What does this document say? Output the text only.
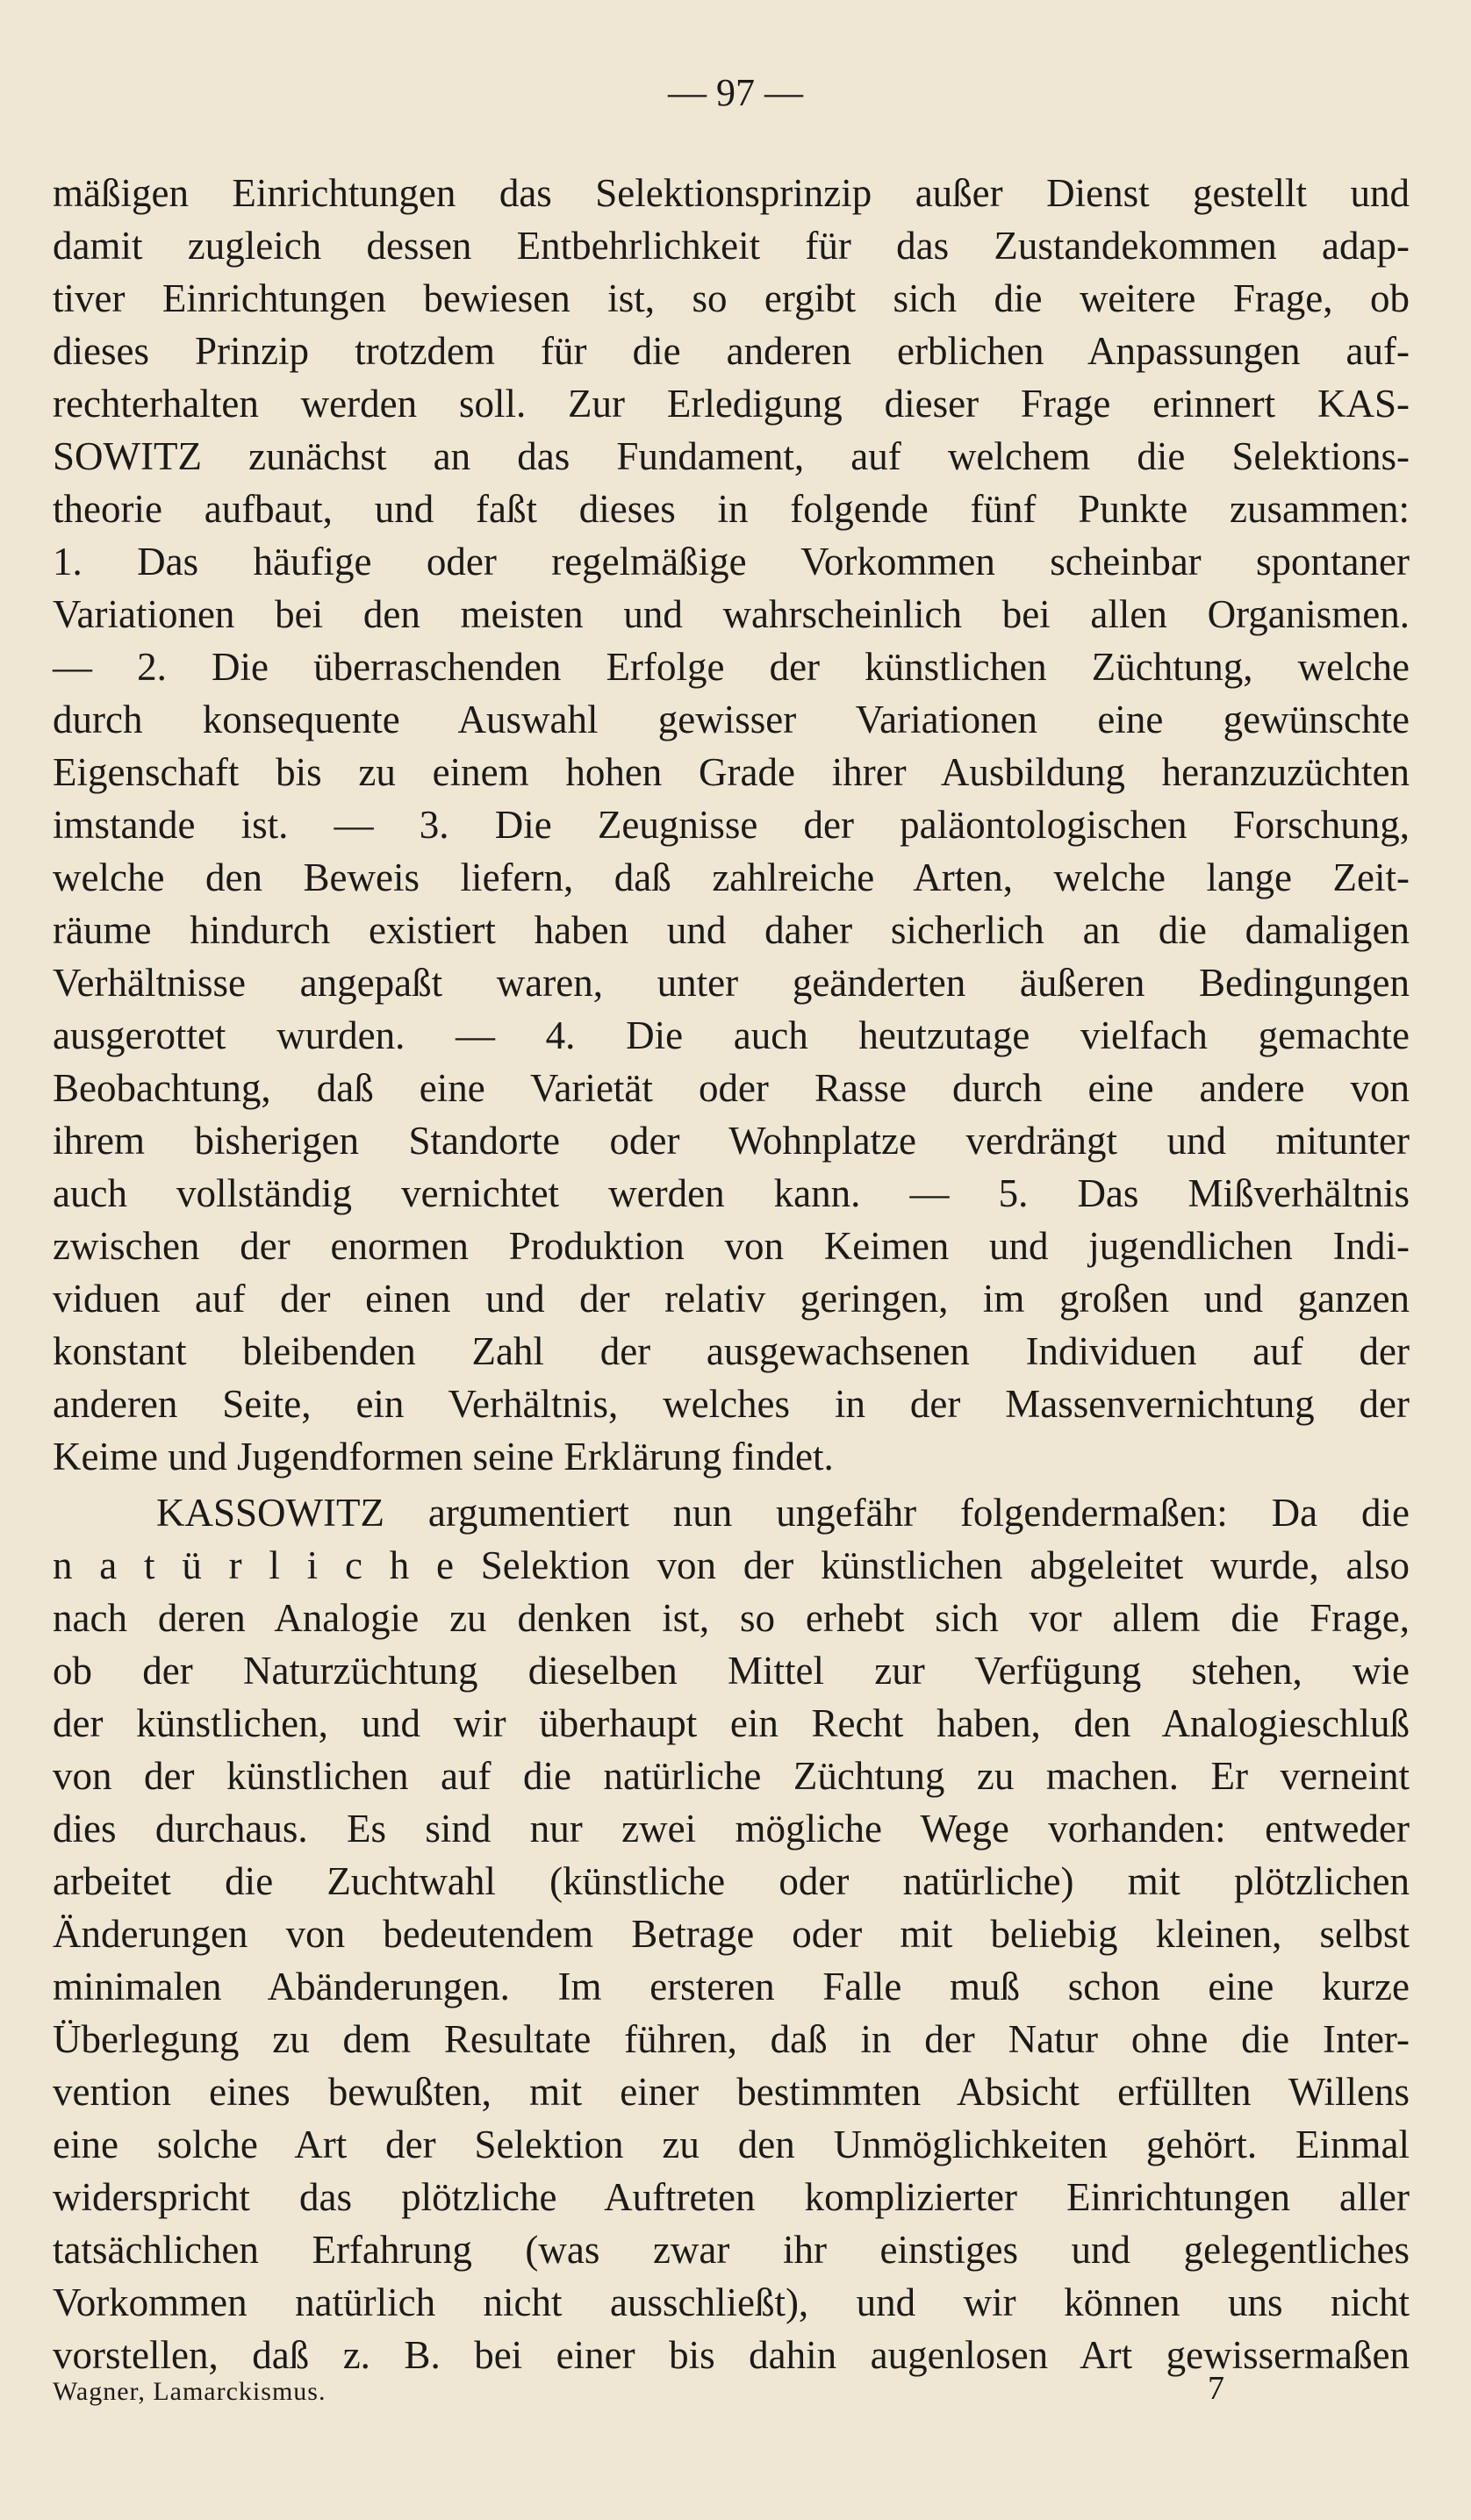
— 97 —
mäßigen Einrichtungen das Selektionsprinzip außer Dienst gestellt und
damit zugleich dessen Entbehrlichkeit für das Zustandekommen adap-
tiver Einrichtungen bewiesen ist, so ergibt sich die weitere Frage, ob
dieses Prinzip trotzdem für die anderen erblichen Anpassungen auf-
rechterhalten werden soll. Zur Erledigung dieser Frage erinnert KAS-
SOWITZ zunächst an das Fundament, auf welchem die Selektions-
theorie aufbaut, und faßt dieses in folgende fünf Punkte zusammen:
1. Das häufige oder regelmäßige Vorkommen scheinbar spontaner
Variationen bei den meisten und wahrscheinlich bei allen Organismen.
— 2. Die überraschenden Erfolge der künstlichen Züchtung, welche
durch konsequente Auswahl gewisser Variationen eine gewünschte
Eigenschaft bis zu einem hohen Grade ihrer Ausbildung heranzuzüchten
imstande ist. — 3. Die Zeugnisse der paläontologischen Forschung,
welche den Beweis liefern, daß zahlreiche Arten, welche lange Zeit-
räume hindurch existiert haben und daher sicherlich an die damaligen
Verhältnisse angepaßt waren, unter geänderten äußeren Bedingungen
ausgerottet wurden. — 4. Die auch heutzutage vielfach gemachte
Beobachtung, daß eine Varietät oder Rasse durch eine andere von
ihrem bisherigen Standorte oder Wohnplatze verdrängt und mitunter
auch vollständig vernichtet werden kann. — 5. Das Mißverhältnis
zwischen der enormen Produktion von Keimen und jugendlichen Indi-
viduen auf der einen und der relativ geringen, im großen und ganzen
konstant bleibenden Zahl der ausgewachsenen Individuen auf der
anderen Seite, ein Verhältnis, welches in der Massenvernichtung der
Keime und Jugendformen seine Erklärung findet.
KASSOWITZ argumentiert nun ungefähr folgendermaßen: Da die
n a t ü r l i c h e Selektion von der künstlichen abgeleitet wurde, also
nach deren Analogie zu denken ist, so erhebt sich vor allem die Frage,
ob der Naturzüchtung dieselben Mittel zur Verfügung stehen, wie
der künstlichen, und wir überhaupt ein Recht haben, den Analogieschluß
von der künstlichen auf die natürliche Züchtung zu machen. Er verneint
dies durchaus. Es sind nur zwei mögliche Wege vorhanden: entweder
arbeitet die Zuchtwahl (künstliche oder natürliche) mit plötzlichen
Änderungen von bedeutendem Betrage oder mit beliebig kleinen, selbst
minimalen Abänderungen. Im ersteren Falle muß schon eine kurze
Überlegung zu dem Resultate führen, daß in der Natur ohne die Inter-
vention eines bewußten, mit einer bestimmten Absicht erfüllten Willens
eine solche Art der Selektion zu den Unmöglichkeiten gehört. Einmal
widerspricht das plötzliche Auftreten komplizierter Einrichtungen aller
tatsächlichen Erfahrung (was zwar ihr einstiges und gelegentliches
Vorkommen natürlich nicht ausschließt), und wir können uns nicht
vorstellen, daß z. B. bei einer bis dahin augenlosen Art gewissermaßen
Wagner, Lamarckismus.	7
